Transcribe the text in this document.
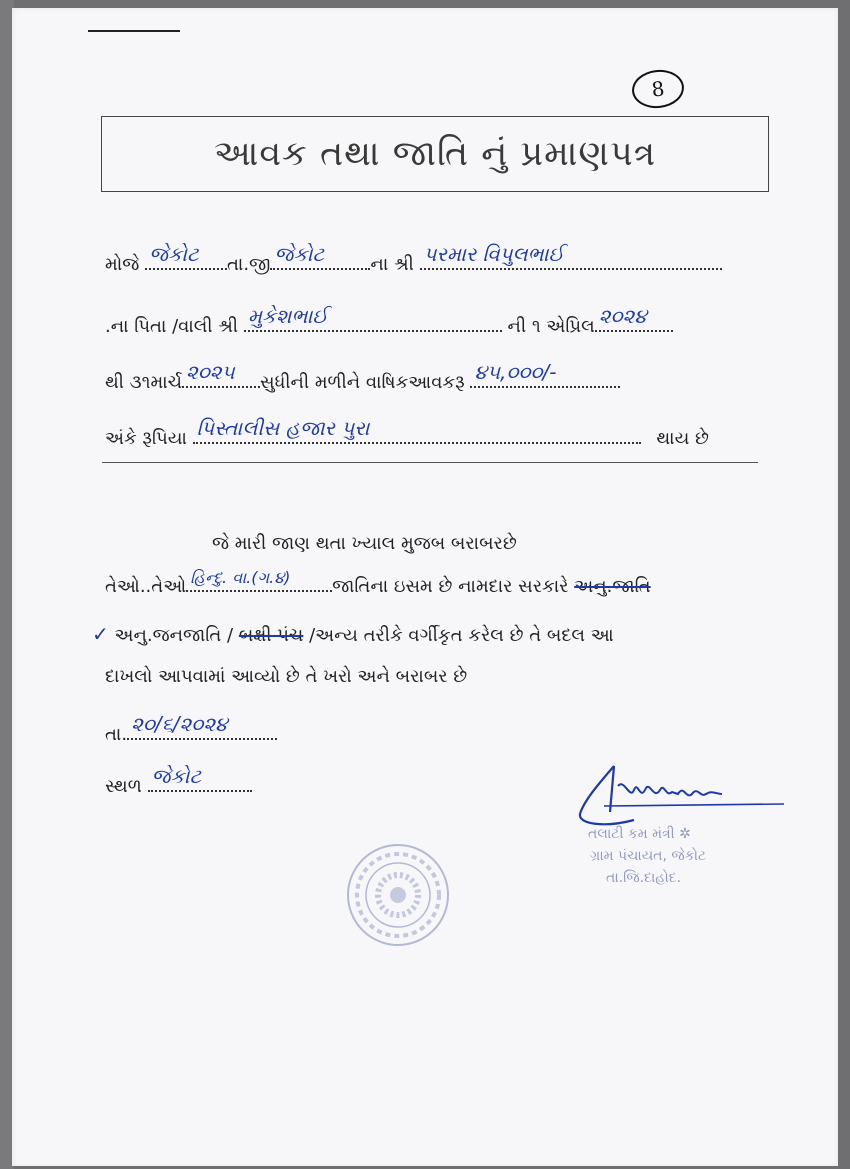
8
આવક તથા જાતિ નું પ્રમાણપત્ર
મોજે જેકોટ તા.જી જેકોટ	ના શ્રી પરમાર વિપુલભાઈ
.ના પિતા /વાલી શ્રી મુકેશભાઈ	ની ૧ એપ્રિલ ૨૦૨૪
થી ૩૧માર્ચ ૨૦૨૫ સુધીની મળીને વાષિકઆવકરૂ ૪૫,૦૦૦/-
અંકે રૂપિયા પિસ્તાલીસ હજાર પુરા	થાય છે
જે મારી જાણ થતા ખ્યાલ મુજબ બરાબરછે
તેઓ..તેઓ હિન્દુ. વા.(ગ.૪) જાતિના ઇસમ છે નામદાર સરકારે અનુ.જાતિ
✓ અનુ.જનજાતિ / બક્ષી પંચ /અન્ય તરીકે વર્ગીકૃત કરેલ છે તે બદલ આ
દાખલો આપવામાં આવ્યો છે તે ખરો અને બરાબર છે
તા. ૨૦/૬/૨૦૨૪
સ્થળ જેકોટ
તલાટી કમ મંત્રી ✲
ગ્રામ પંચાયત, જેકોટ
તા.જિ.દાહોદ.
